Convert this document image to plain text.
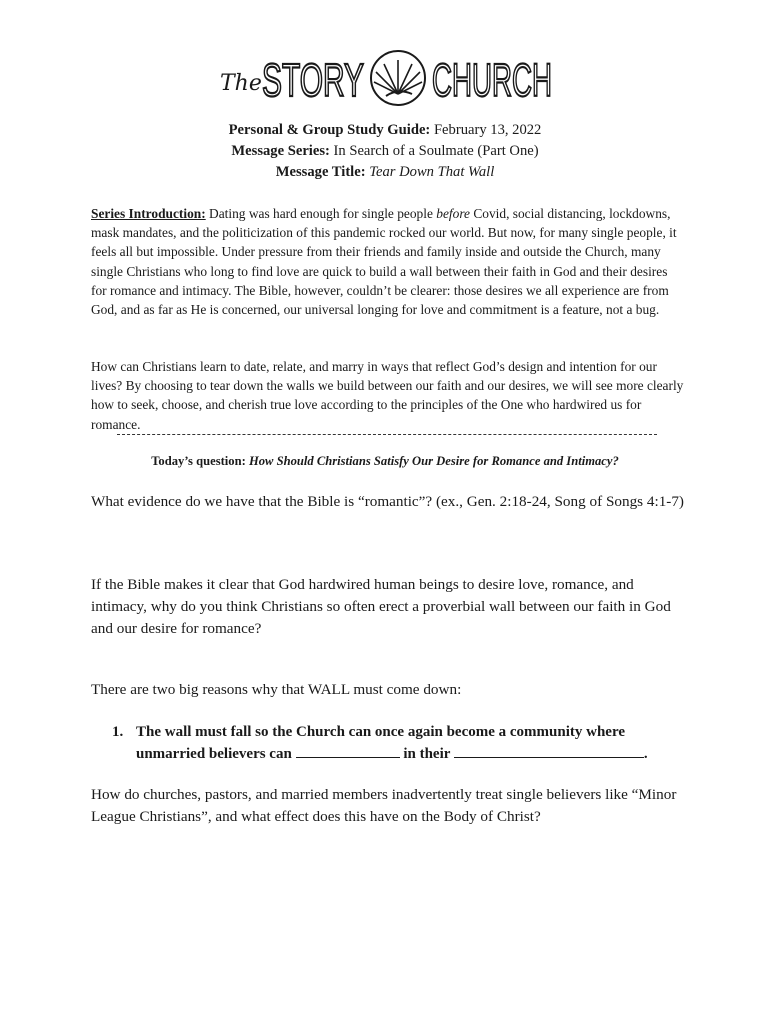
The STORY CHURCH
Personal & Group Study Guide: February 13, 2022
Message Series: In Search of a Soulmate (Part One)
Message Title: Tear Down That Wall
Series Introduction: Dating was hard enough for single people before Covid, social distancing, lockdowns, mask mandates, and the politicization of this pandemic rocked our world. But now, for many single people, it feels all but impossible. Under pressure from their friends and family inside and outside the Church, many single Christians who long to find love are quick to build a wall between their faith in God and their desires for romance and intimacy. The Bible, however, couldn’t be clearer: those desires we all experience are from God, and as far as He is concerned, our universal longing for love and commitment is a feature, not a bug.
How can Christians learn to date, relate, and marry in ways that reflect God’s design and intention for our lives? By choosing to tear down the walls we build between our faith and our desires, we will see more clearly how to seek, choose, and cherish true love according to the principles of the One who hardwired us for romance.
Today’s question: How Should Christians Satisfy Our Desire for Romance and Intimacy?
What evidence do we have that the Bible is “romantic”? (ex., Gen. 2:18-24, Song of Songs 4:1-7)
If the Bible makes it clear that God hardwired human beings to desire love, romance, and intimacy, why do you think Christians so often erect a proverbial wall between our faith in God and our desire for romance?
There are two big reasons why that WALL must come down:
1. The wall must fall so the Church can once again become a community where unmarried believers can	in their	.
How do churches, pastors, and married members inadvertently treat single believers like “Minor League Christians”, and what effect does this have on the Body of Christ?
